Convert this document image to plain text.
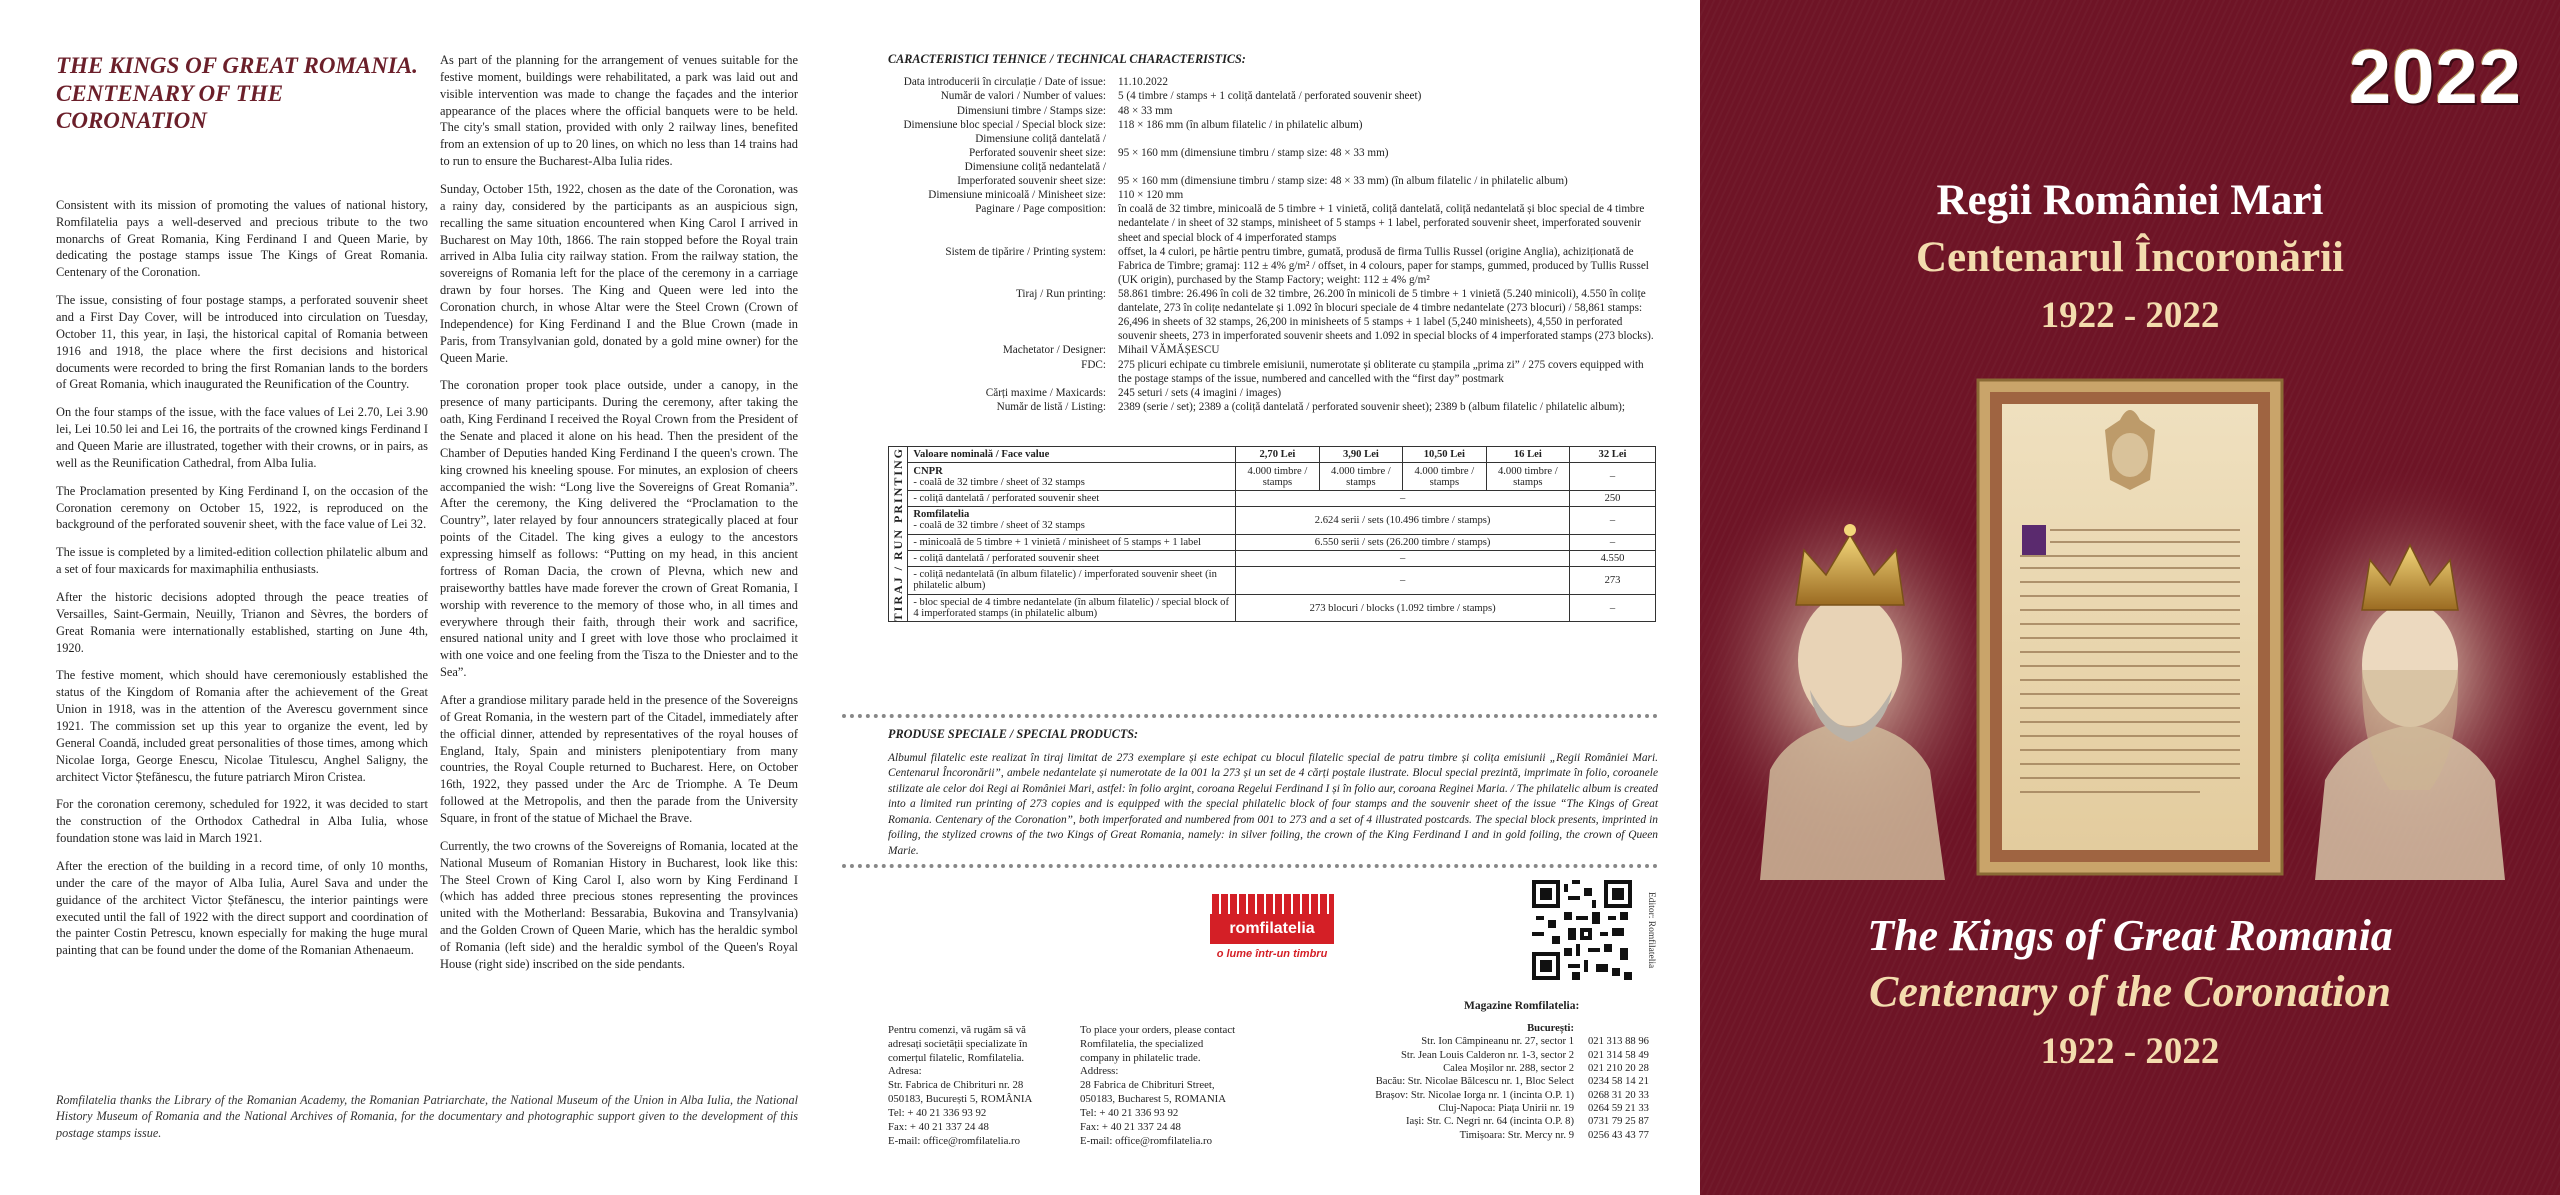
THE KINGS OF GREAT ROMANIA. CENTENARY OF THE CORONATION

Consistent with its mission of promoting the values of national history, Romfilatelia pays a well-deserved and precious tribute to the two monarchs of Great Romania, King Ferdinand I and Queen Marie, by dedicating the postage stamps issue The Kings of Great Romania. Centenary of the Coronation.

The issue, consisting of four postage stamps, a perforated souvenir sheet and a First Day Cover, will be introduced into circulation on Tuesday, October 11, this year, in Iași, the historical capital of Romania between 1916 and 1918, the place where the first decisions and historical documents were recorded to bring the first Romanian lands to the borders of Great Romania, which inaugurated the Reunification of the Country.

On the four stamps of the issue, with the face values of Lei 2.70, Lei 3.90 lei, Lei 10.50 lei and Lei 16, the portraits of the crowned kings Ferdinand I and Queen Marie are illustrated, together with their crowns, or in pairs, as well as the Reunification Cathedral, from Alba Iulia.

The Proclamation presented by King Ferdinand I, on the occasion of the Coronation ceremony on October 15, 1922, is reproduced on the background of the perforated souvenir sheet, with the face value of Lei 32.

The issue is completed by a limited-edition collection philatelic album and a set of four maxicards for maximaphilia enthusiasts.

After the historic decisions adopted through the peace treaties of Versailles, Saint-Germain, Neuilly, Trianon and Sèvres, the borders of Great Romania were internationally established, starting on June 4th, 1920.

The festive moment, which should have ceremoniously established the status of the Kingdom of Romania after the achievement of the Great Union in 1918, was in the attention of the Averescu government since 1921. The commission set up this year to organize the event, led by General Coandă, included great personalities of those times, among which Nicolae Iorga, George Enescu, Nicolae Titulescu, Anghel Saligny, the architect Victor Ștefănescu, the future patriarch Miron Cristea.

For the coronation ceremony, scheduled for 1922, it was decided to start the construction of the Orthodox Cathedral in Alba Iulia, whose foundation stone was laid in March 1921.

After the erection of the building in a record time, of only 10 months, under the care of the mayor of Alba Iulia, Aurel Sava and under the guidance of the architect Victor Ștefănescu, the interior paintings were executed until the fall of 1922 with the direct support and coordination of the painter Costin Petrescu, known especially for making the huge mural painting that can be found under the dome of the Romanian Athenaeum.

As part of the planning for the arrangement of venues suitable for the festive moment, buildings were rehabilitated, a park was laid out and visible intervention was made to change the façades and the interior appearance of the places where the official banquets were to be held. The city's small station, provided with only 2 railway lines, benefited from an extension of up to 20 lines, on which no less than 14 trains had to run to ensure the Bucharest-Alba Iulia rides.

Sunday, October 15th, 1922, chosen as the date of the Coronation, was a rainy day, considered by the participants as an auspicious sign, recalling the same situation encountered when King Carol I arrived in Bucharest on May 10th, 1866. The rain stopped before the Royal train arrived in Alba Iulia city railway station. From the railway station, the sovereigns of Romania left for the place of the ceremony in a carriage drawn by four horses. The King and Queen were led into the Coronation church, in whose Altar were the Steel Crown (Crown of Independence) for King Ferdinand I and the Blue Crown (made in Paris, from Transylvanian gold, donated by a gold mine owner) for the Queen Marie.

The coronation proper took place outside, under a canopy, in the presence of many participants. During the ceremony, after taking the oath, King Ferdinand I received the Royal Crown from the President of the Senate and placed it alone on his head. Then the president of the Chamber of Deputies handed King Ferdinand I the queen's crown. The king crowned his kneeling spouse. For minutes, an explosion of cheers accompanied the wish: “Long live the Sovereigns of Great Romania”. After the ceremony, the King delivered the “Proclamation to the Country”, later relayed by four announcers strategically placed at four points of the Citadel. The king gives a eulogy to the ancestors expressing himself as follows: “Putting on my head, in this ancient fortress of Roman Dacia, the crown of Plevna, which new and praiseworthy battles have made forever the crown of Great Romania, I worship with reverence to the memory of those who, in all times and everywhere through their faith, through their work and sacrifice, ensured national unity and I greet with love those who proclaimed it with one voice and one feeling from the Tisza to the Dniester and to the Sea”.

After a grandiose military parade held in the presence of the Sovereigns of Great Romania, in the western part of the Citadel, immediately after the official dinner, attended by representatives of the royal houses of England, Italy, Spain and ministers plenipotentiary from many countries, the Royal Couple returned to Bucharest. Here, on October 16th, 1922, they passed under the Arc de Triomphe. A Te Deum followed at the Metropolis, and then the parade from the University Square, in front of the statue of Michael the Brave.

Currently, the two crowns of the Sovereigns of Romania, located at the National Museum of Romanian History in Bucharest, look like this: The Steel Crown of King Carol I, also worn by King Ferdinand I (which has added three precious stones representing the provinces united with the Motherland: Bessarabia, Bukovina and Transylvania) and the Golden Crown of Queen Marie, which has the heraldic symbol of Romania (left side) and the heraldic symbol of the Queen's Royal House (right side) inscribed on the side pendants.

Romfilatelia thanks the Library of the Romanian Academy, the Romanian Patriarchate, the National Museum of the Union in Alba Iulia, the National History Museum of Romania and the National Archives of Romania, for the documentary and photographic support given to the development of this postage stamps issue.
CARACTERISTICI TEHNICE / TECHNICAL CHARACTERISTICS:
Data introducerii în circulație / Date of issue:	11.10.2022
Număr de valori / Number of values:	5 (4 timbre / stamps + 1 coliță dantelată / perforated souvenir sheet)
Dimensiuni timbre / Stamps size:	48 × 33 mm
Dimensiune bloc special / Special block size:	118 × 186 mm (în album filatelic / in philatelic album)
Dimensiune coliță dantelată /
Perforated souvenir sheet size:	95 × 160 mm (dimensiune timbru / stamp size: 48 × 33 mm)
Dimensiune coliță nedantelată /
Imperforated souvenir sheet size:	95 × 160 mm (dimensiune timbru / stamp size: 48 × 33 mm) (în album filatelic / in philatelic album)
Dimensiune minicoală / Minisheet size:	110 × 120 mm
Paginare / Page composition:	în coală de 32 timbre, minicoală de 5 timbre + 1 vinietă, coliță dantelată, coliță nedantelată și bloc special de 4 timbre nedantelate / in sheet of 32 stamps, minisheet of 5 stamps + 1 label, perforated souvenir sheet, imperforated souvenir sheet and special block of 4 imperforated stamps
Sistem de tipărire / Printing system:	offset, la 4 culori, pe hârtie pentru timbre, gumată, produsă de firma Tullis Russel (origine Anglia), achiziționată de Fabrica de Timbre; gramaj: 112 ± 4% g/m² / offset, in 4 colours, paper for stamps, gummed, produced by Tullis Russel (UK origin), purchased by the Stamp Factory; weight: 112 ± 4% g/m²
Tiraj / Run printing:	58.861 timbre: 26.496 în coli de 32 timbre, 26.200 în minicoli de 5 timbre + 1 vinietă (5.240 minicoli), 4.550 în colițe dantelate, 273 în colițe nedantelate și 1.092 în blocuri speciale de 4 timbre nedantelate (273 blocuri) / 58,861 stamps: 26,496 in sheets of 32 stamps, 26,200 in minisheets of 5 stamps + 1 label (5,240 minisheets), 4,550 in perforated souvenir sheets, 273 in imperforated souvenir sheets and 1.092 in special blocks of 4 imperforated stamps (273 blocks).
Machetator / Designer:	Mihail VĂMĂȘESCU
FDC:	275 plicuri echipate cu timbrele emisiunii, numerotate și obliterate cu ștampila „prima zi” / 275 covers equipped with the postage stamps of the issue, numbered and cancelled with the “first day” postmark
Cărți maxime / Maxicards:	245 seturi / sets (4 imagini / images)
Număr de listă / Listing:	2389 (serie / set); 2389 a (coliță dantelată / perforated souvenir sheet); 2389 b (album filatelic / philatelic album);
TIRAJ / RUN PRINTING	Valoare nominală / Face value	2,70 Lei	3,90 Lei	10,50 Lei	16 Lei	32 Lei
	CNPR
- coală de 32 timbre / sheet of 32 stamps	4.000 timbre / stamps	4.000 timbre / stamps	4.000 timbre / stamps	4.000 timbre / stamps	–
	- coliță dantelată / perforated souvenir sheet	–				250
	Romfilatelia
- coală de 32 timbre / sheet of 32 stamps	2.624 serii / sets (10.496 timbre / stamps)				–
	- minicoală de 5 timbre + 1 vinietă / minisheet of 5 stamps + 1 label	6.550 serii / sets (26.200 timbre / stamps)				–
	- coliță dantelată / perforated souvenir sheet	–				4.550
	- coliță nedantelată (în album filatelic) / imperforated souvenir sheet (in philatelic album)	–				273
	- bloc special de 4 timbre nedantelate (în album filatelic) / special block of 4 imperforated stamps (in philatelic album)	273 blocuri / blocks (1.092 timbre / stamps)				–
PRODUSE SPECIALE / SPECIAL PRODUCTS:
Albumul filatelic este realizat în tiraj limitat de 273 exemplare și este echipat cu blocul filatelic special de patru timbre și colița emisiunii „Regii României Mari. Centenarul Încoronării”, ambele nedantelate și numerotate de la 001 la 273 și un set de 4 cărți poștale ilustrate. Blocul special prezintă, imprimate în folio, coroanele stilizate ale celor doi Regi ai României Mari, astfel: în folio argint, coroana Regelui Ferdinand I și în folio aur, coroana Reginei Maria. / The philatelic album is created into a limited run printing of 273 copies and is equipped with the special philatelic block of four stamps and the souvenir sheet of the issue “The Kings of Great Romania. Centenary of the Coronation”, both imperforated and numbered from 001 to 273 and a set of 4 illustrated postcards. The special block presents, imprinted in foiling, the stylized crowns of the two Kings of Great Romania, namely: in silver foiling, the crown of the King Ferdinand I and in gold foiling, the crown of Queen Marie.
romfilatelia
o lume într-un timbru	Editor: Romfilatelia
Pentru comenzi, vă rugăm să vă
adresați societății specializate în
comerțul filatelic, Romfilatelia.
Adresa:
Str. Fabrica de Chibrituri nr. 28
050183, București 5, ROMÂNIA
Tel: + 40 21 336 93 92
Fax: + 40 21 337 24 48
E-mail: office@romfilatelia.ro
To place your orders, please contact
Romfilatelia, the specialized
company in philatelic trade.
Address:
28 Fabrica de Chibrituri Street,
050183, Bucharest 5, ROMANIA
Tel: + 40 21 336 93 92
Fax: + 40 21 337 24 48
E-mail: office@romfilatelia.ro
Magazine Romfilatelia:
București:
Str. Ion Câmpineanu nr. 27, sector 1	021 313 88 96
Str. Jean Louis Calderon nr. 1-3, sector 2	021 314 58 49
Calea Moșilor nr. 288, sector 2	021 210 20 28
Bacău: Str. Nicolae Bălcescu nr. 1, Bloc Select	0234 58 14 21
Brașov: Str. Nicolae Iorga nr. 1 (incinta O.P. 1)	0268 31 20 33
Cluj-Napoca: Piața Unirii nr. 19	0264 59 21 33
Iași: Str. C. Negri nr. 64 (incinta O.P. 8)	0731 79 25 87
Timișoara: Str. Mercy nr. 9	0256 43 43 77
2022
Regii României Mari
Centenarul Încoronării
1922 - 2022
The Kings of Great Romania
Centenary of the Coronation
1922 - 2022
